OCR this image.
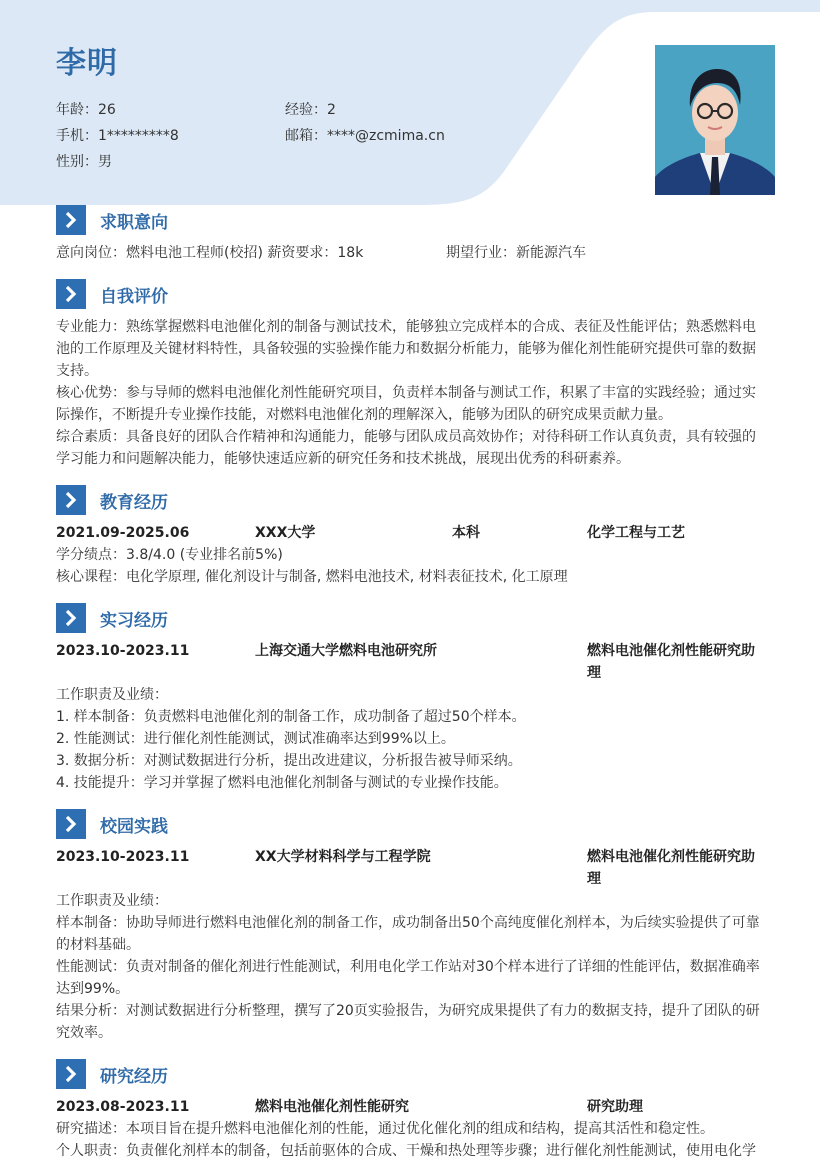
李明
年龄：26	经验：2
手机：1*********8	邮箱：****@zcmima.cn
性别：男
求职意向
意向岗位：燃料电池工程师(校招) 薪资要求：18k	期望行业：新能源汽车
自我评价
专业能力：熟练掌握燃料电池催化剂的制备与测试技术，能够独立完成样本的合成、表征及性能评估；熟悉燃料电池的工作原理及关键材料特性，具备较强的实验操作能力和数据分析能力，能够为催化剂性能研究提供可靠的数据支持。
核心优势：参与导师的燃料电池催化剂性能研究项目，负责样本制备与测试工作，积累了丰富的实践经验；通过实际操作，不断提升专业操作技能，对燃料电池催化剂的理解深入，能够为团队的研究成果贡献力量。
综合素质：具备良好的团队合作精神和沟通能力，能够与团队成员高效协作；对待科研工作认真负责，具有较强的学习能力和问题解决能力，能够快速适应新的研究任务和技术挑战，展现出优秀的科研素养。
教育经历
2021.09-2025.06	XXX大学	本科	化学工程与工艺
学分绩点：3.8/4.0 (专业排名前5%)
核心课程：电化学原理, 催化剂设计与制备, 燃料电池技术, 材料表征技术, 化工原理
实习经历
2023.10-2023.11	上海交通大学燃料电池研究所	燃料电池催化剂性能研究助理
工作职责及业绩：
1. 样本制备：负责燃料电池催化剂的制备工作，成功制备了超过50个样本。
2. 性能测试：进行催化剂性能测试，测试准确率达到99%以上。
3. 数据分析：对测试数据进行分析，提出改进建议，分析报告被导师采纳。
4. 技能提升：学习并掌握了燃料电池催化剂制备与测试的专业操作技能。
校园实践
2023.10-2023.11	XX大学材料科学与工程学院	燃料电池催化剂性能研究助理
工作职责及业绩：
样本制备：协助导师进行燃料电池催化剂的制备工作，成功制备出50个高纯度催化剂样本，为后续实验提供了可靠的材料基础。
性能测试：负责对制备的催化剂进行性能测试，利用电化学工作站对30个样本进行了详细的性能评估，数据准确率达到99%。
结果分析：对测试数据进行分析整理，撰写了20页实验报告，为研究成果提供了有力的数据支持，提升了团队的研究效率。
研究经历
2023.08-2023.11	燃料电池催化剂性能研究	研究助理
研究描述：本项目旨在提升燃料电池催化剂的性能，通过优化催化剂的组成和结构，提高其活性和稳定性。
个人职责：负责催化剂样本的制备，包括前驱体的合成、干燥和热处理等步骤；进行催化剂性能测试，使用电化学
